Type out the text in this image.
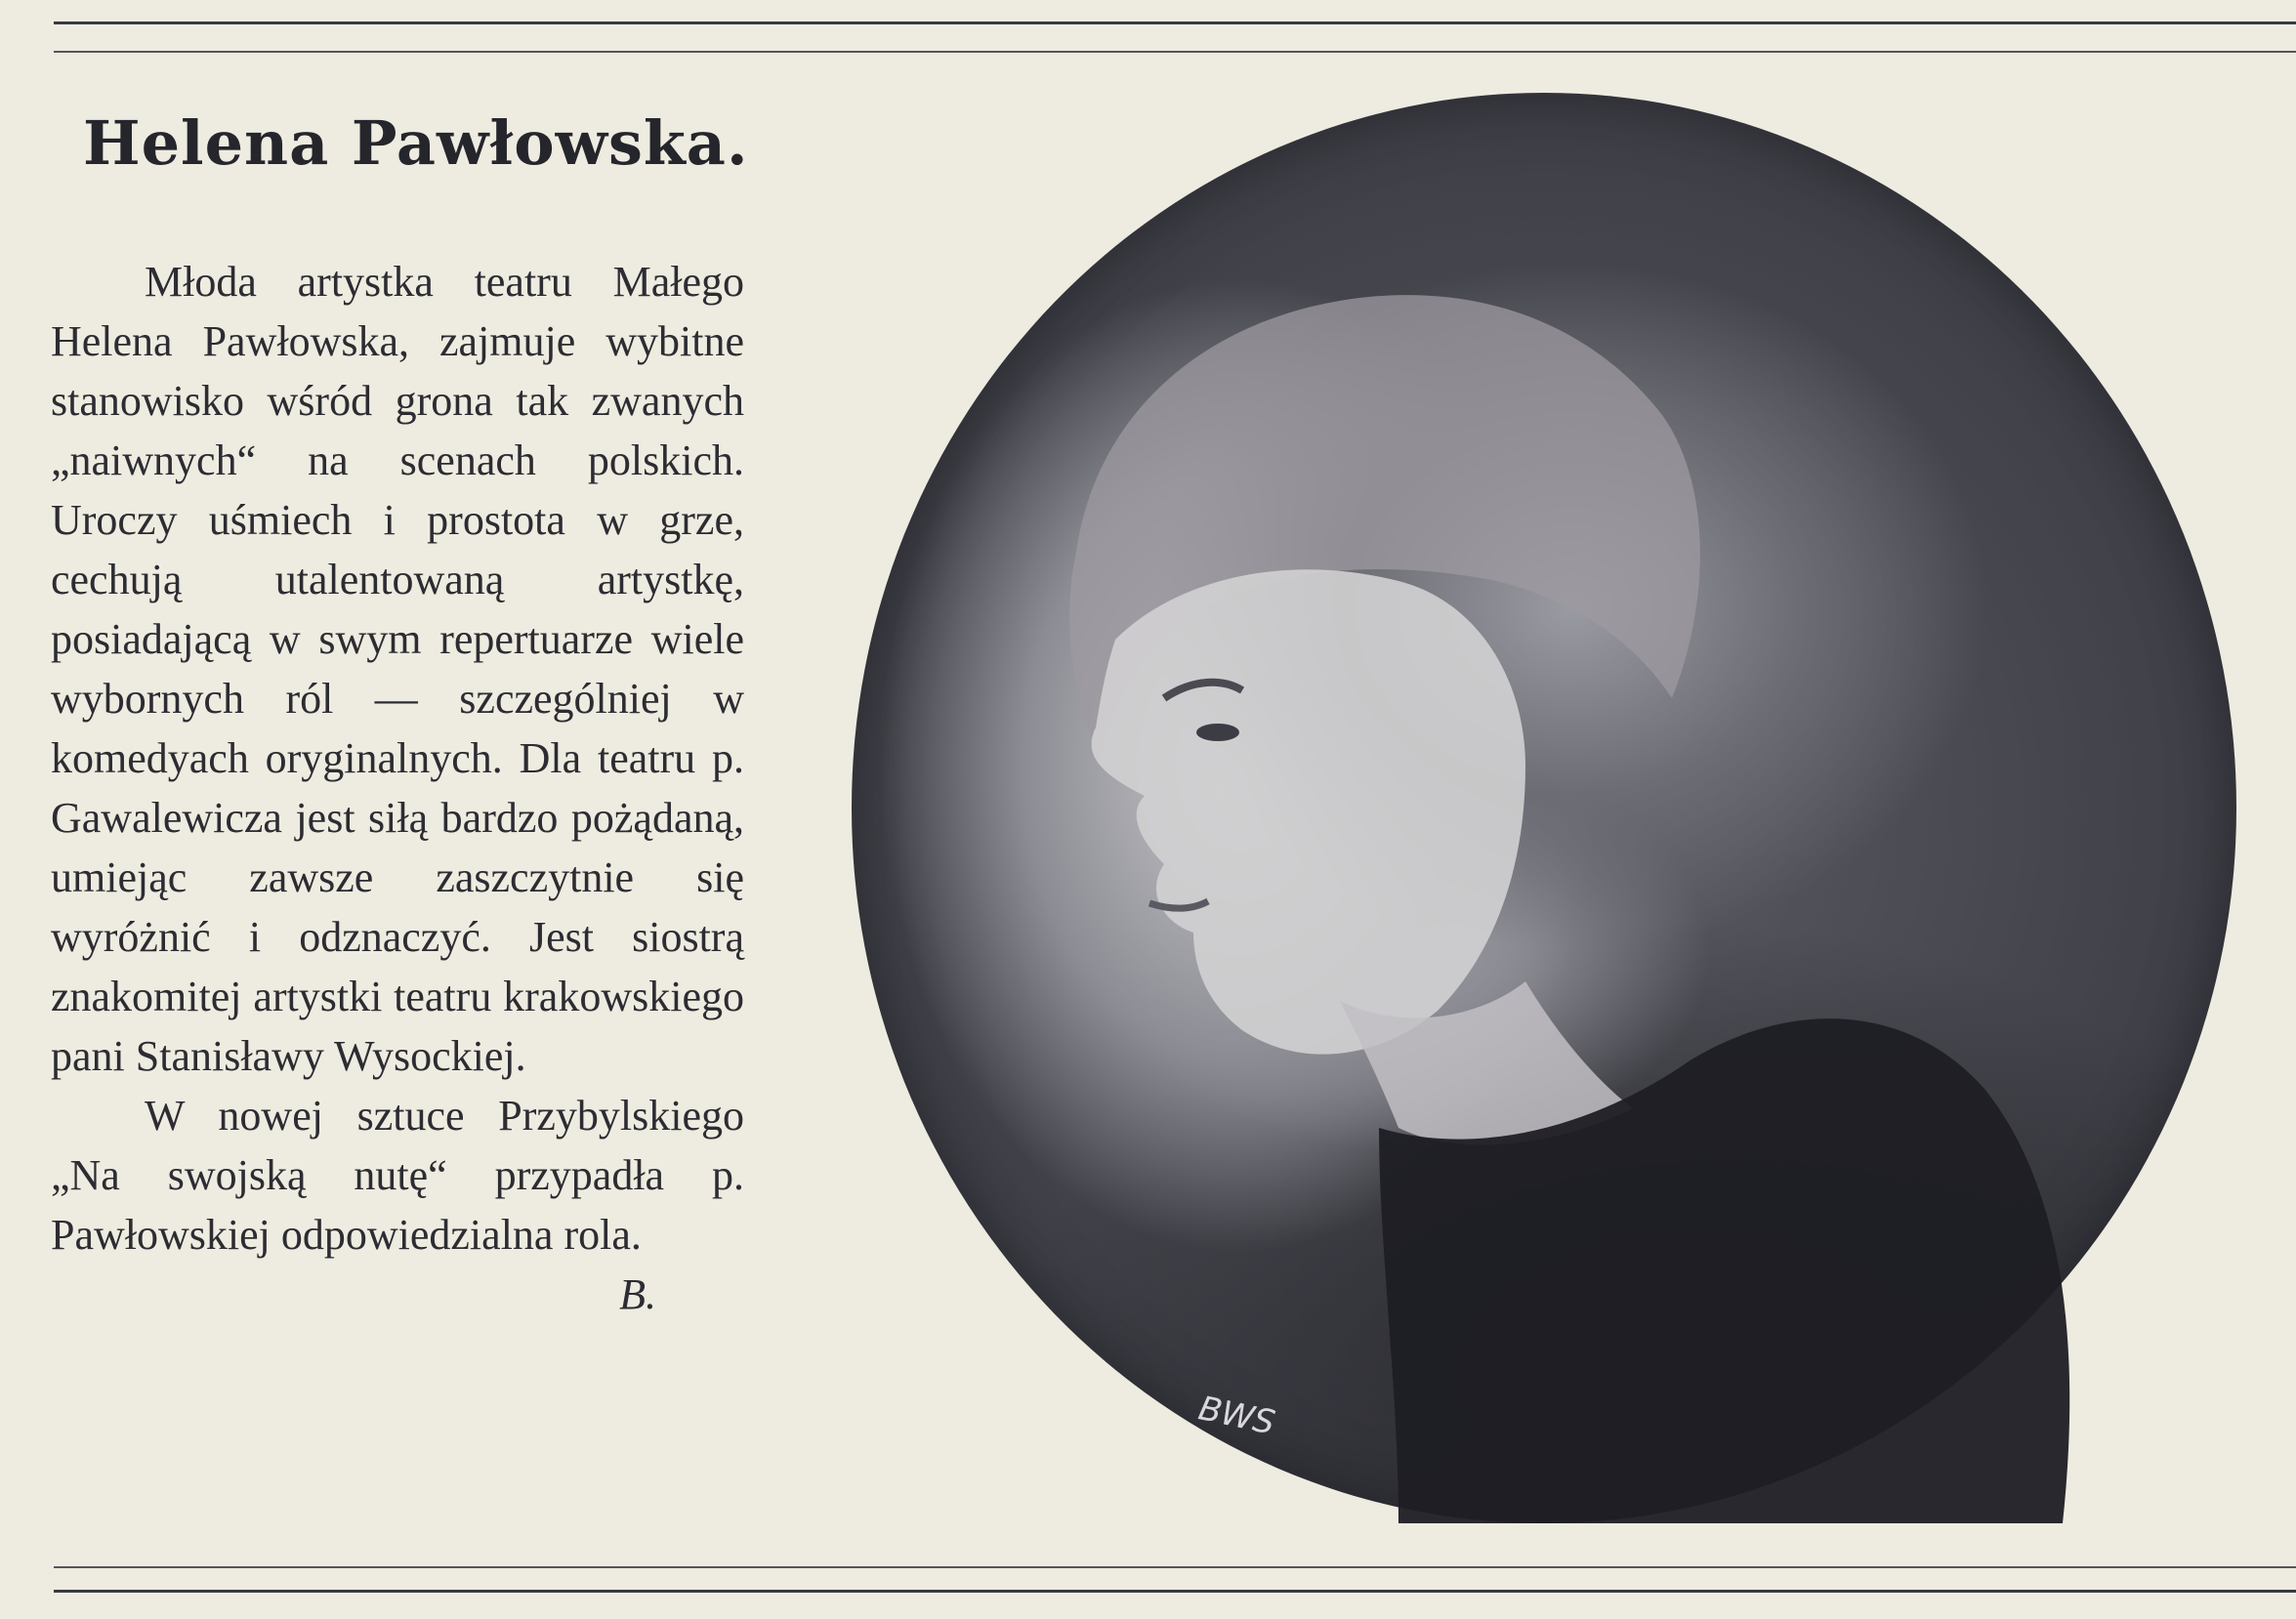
Helena Pawłowska.

Młoda artystka teatru Małego Helena Pawłowska, zajmuje wybitne stanowisko wśród grona tak zwanych „naiwnych“ na scenach polskich. Uroczy uśmiech i prostota w grze, cechują utalentowaną artystkę, posiadającą w swym repertuarze wiele wybornych ról — szczególniej w komedyach oryginalnych. Dla teatru p. Gawalewicza jest siłą bardzo pożądaną, umiejąc zawsze zaszczytnie się wyróżnić i odznaczyć. Jest siostrą znakomitej artystki teatru krakowskiego pani Stanisławy Wysockiej.

W nowej sztuce Przybylskiego „Na swojską nutę“ przypadła p. Pawłowskiej odpowiedzialna rola.
B.

BWS
